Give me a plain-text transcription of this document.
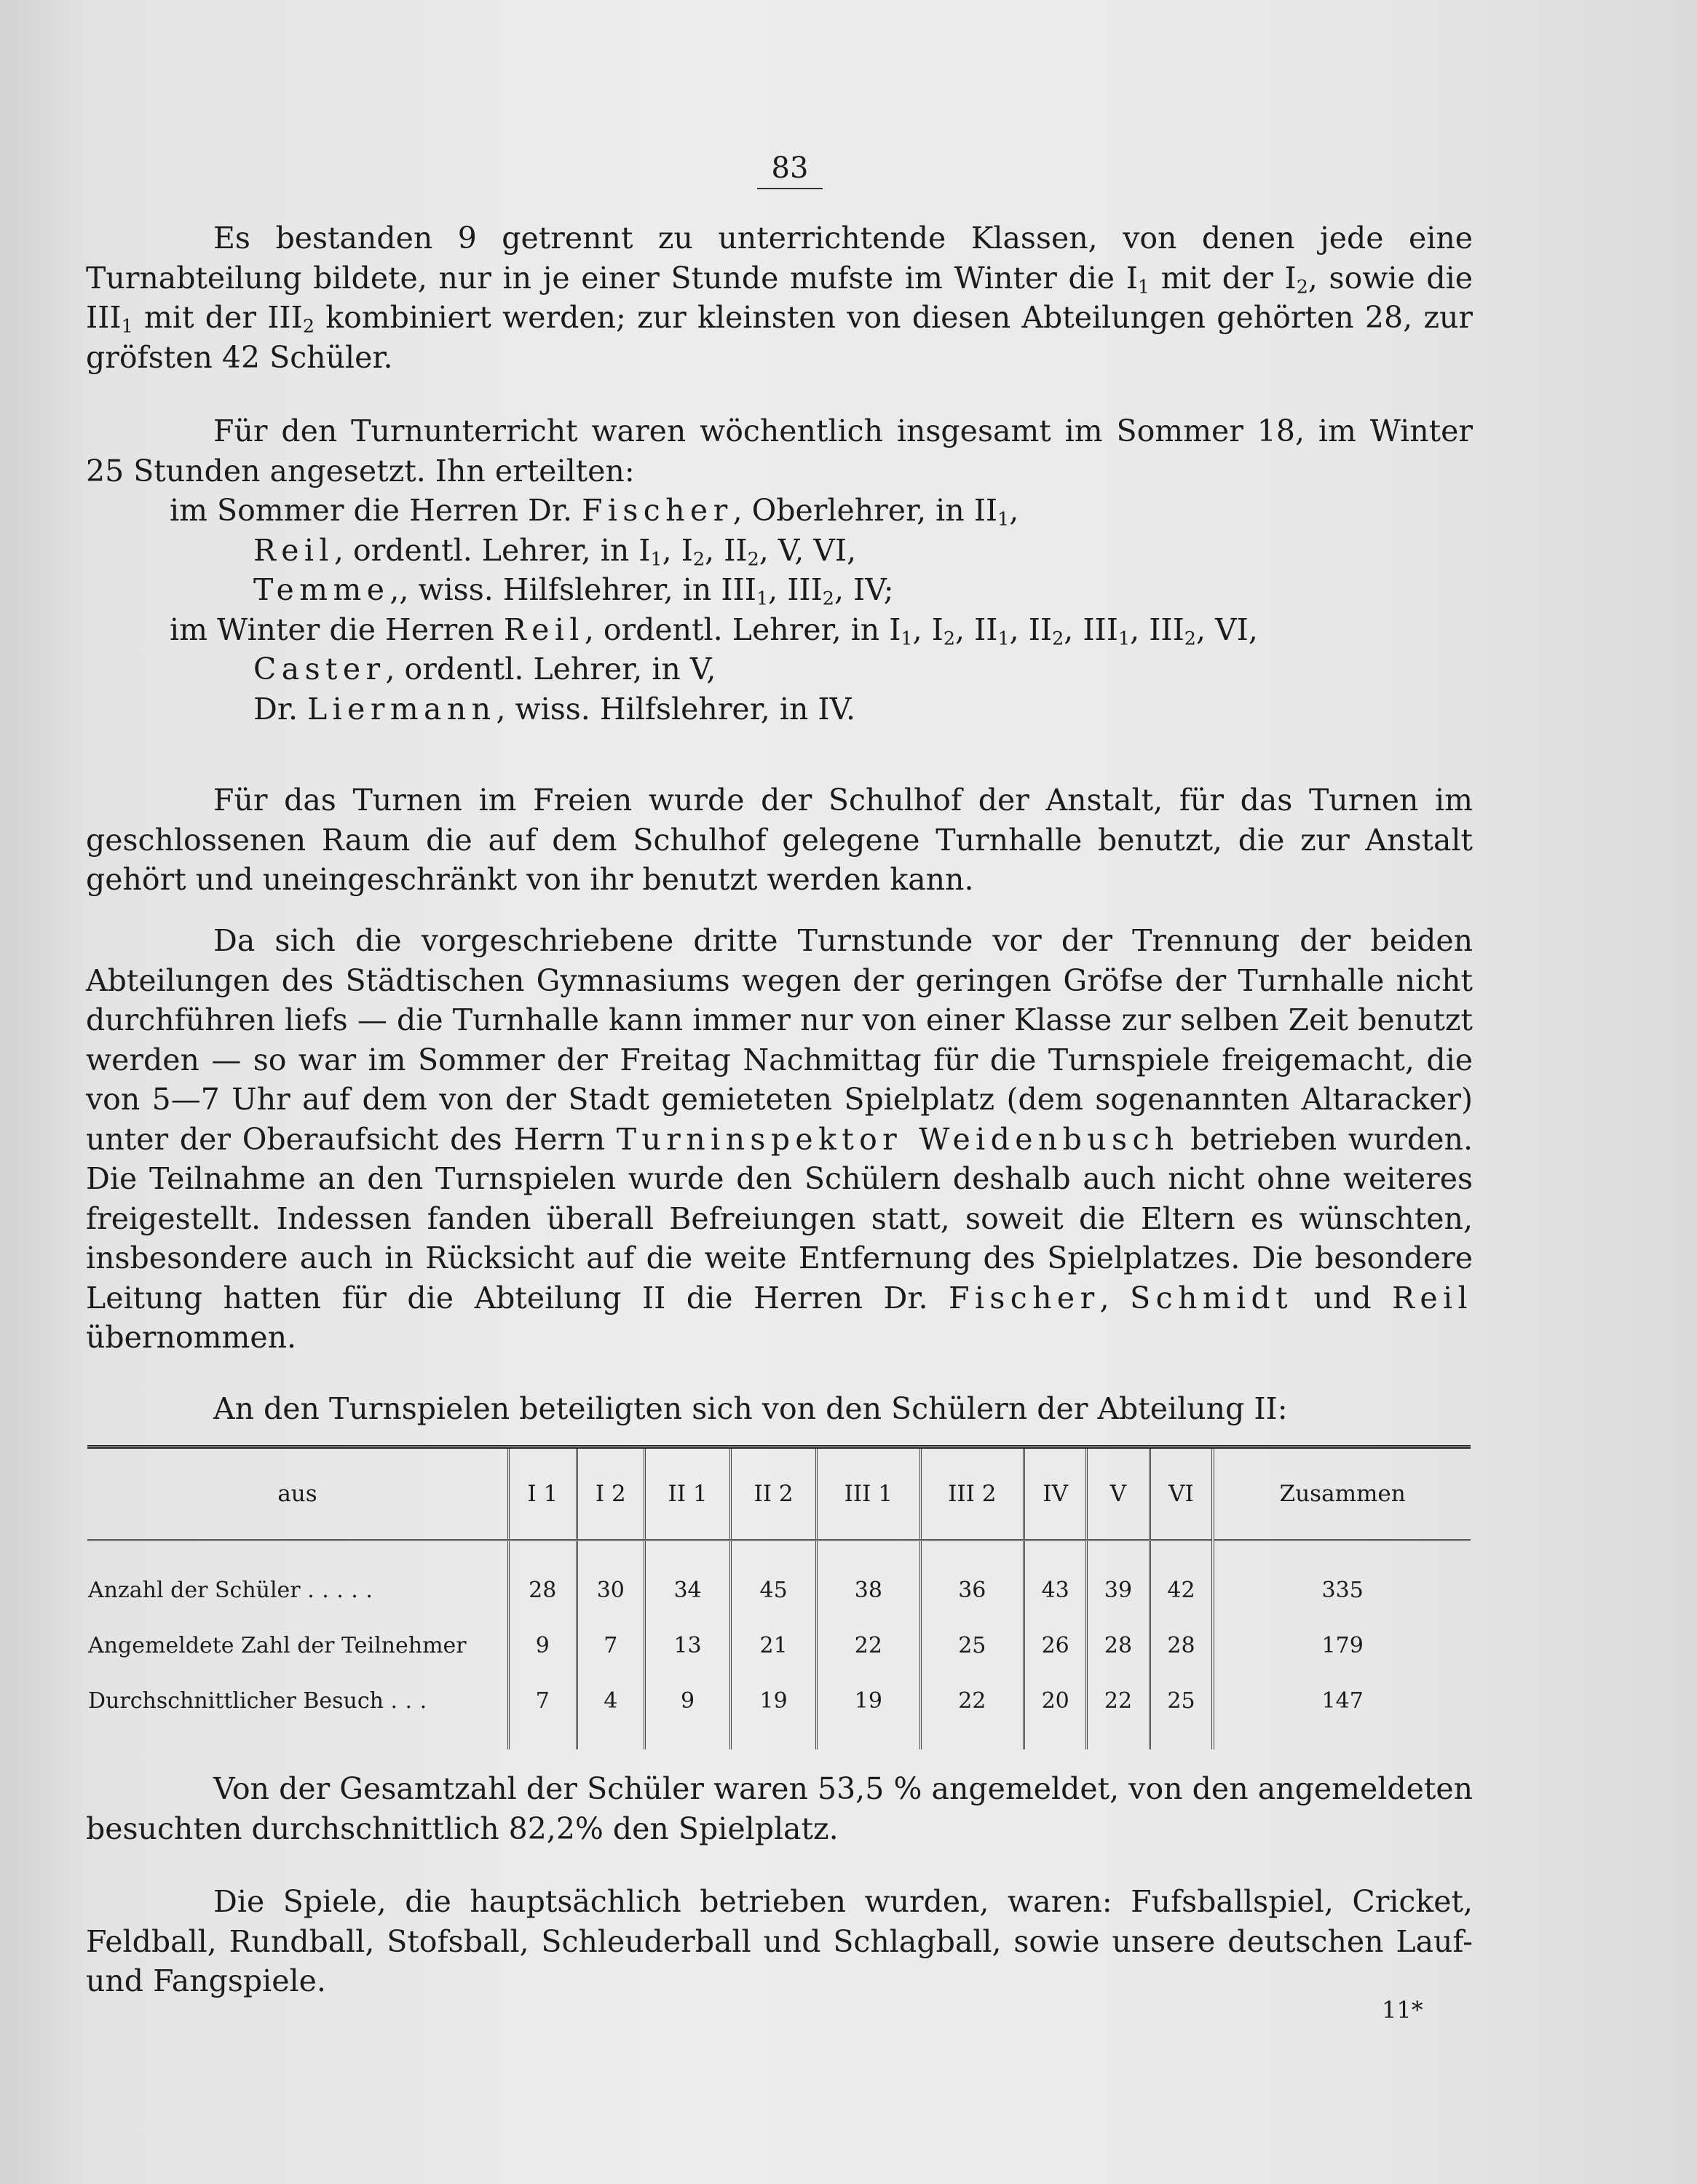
83

Es bestanden 9 getrennt zu unterrichtende Klassen, von denen jede eine Turnabteilung bildete, nur in je einer Stunde mufste im Winter die $I_1$ mit der $I_2$, sowie die $III_1$ mit der $III_2$ kombiniert werden; zur kleinsten von diesen Abteilungen gehörten 28, zur gröfsten 42 Schüler.

Für den Turnunterricht waren wöchentlich insgesamt im Sommer 18, im Winter 25 Stunden angesetzt. Ihn erteilten:

im Sommer die Herren Dr. Fischer, Oberlehrer, in $II_1$,

Reil, ordentl. Lehrer, in $I_1$, $I_2$, $II_2$, V, VI,

Temme,, wiss. Hilfslehrer, in $III_1$, $III_2$, IV;

im Winter die Herren Reil, ordentl. Lehrer, in $I_1$, $I_2$, $II_1$, $II_2$, $III_1$, $III_2$, VI,

Caster, ordentl. Lehrer, in V,

Dr. Liermann, wiss. Hilfslehrer, in IV.

Für das Turnen im Freien wurde der Schulhof der Anstalt, für das Turnen im geschlossenen Raum die auf dem Schulhof gelegene Turnhalle benutzt, die zur Anstalt gehört und uneingeschränkt von ihr benutzt werden kann.

Da sich die vorgeschriebene dritte Turnstunde vor der Trennung der beiden Abteilungen des Städtischen Gymnasiums wegen der geringen Gröfse der Turnhalle nicht durchführen liefs — die Turnhalle kann immer nur von einer Klasse zur selben Zeit benutzt werden — so war im Sommer der Freitag Nachmittag für die Turnspiele freigemacht, die von 5—7 Uhr auf dem von der Stadt gemieteten Spielplatz (dem sogenannten Altaracker) unter der Oberaufsicht des Herrn Turninspektor Weidenbusch betrieben wurden. Die Teilnahme an den Turnspielen wurde den Schülern deshalb auch nicht ohne weiteres freigestellt. Indessen fanden überall Befreiungen statt, soweit die Eltern es wünschten, insbesondere auch in Rücksicht auf die weite Entfernung des Spielplatzes. Die besondere Leitung hatten für die Abteilung II die Herren Dr. Fischer, Schmidt und Reil übernommen.

An den Turnspielen beteiligten sich von den Schülern der Abteilung II:

aus	I 1	I 2	II 1	II 2	III 1	III 2	IV	V	VI	Zusammen
Anzahl der Schüler .....	28	30	34	45	38	36	43	39	42	335
Angemeldete Zahl der Teilnehmer	9	7	13	21	22	25	26	28	28	179
Durchschnittlicher Besuch ...	7	4	9	19	19	22	20	22	25	147

Von der Gesamtzahl der Schüler waren 53,5 % angemeldet, von den angemeldeten besuchten durchschnittlich 82,2% den Spielplatz.

Die Spiele, die hauptsächlich betrieben wurden, waren: Fufsballspiel, Cricket, Feldball, Rundball, Stofsball, Schleuderball und Schlagball, sowie unsere deutschen Lauf- und Fangspiele.

11*
